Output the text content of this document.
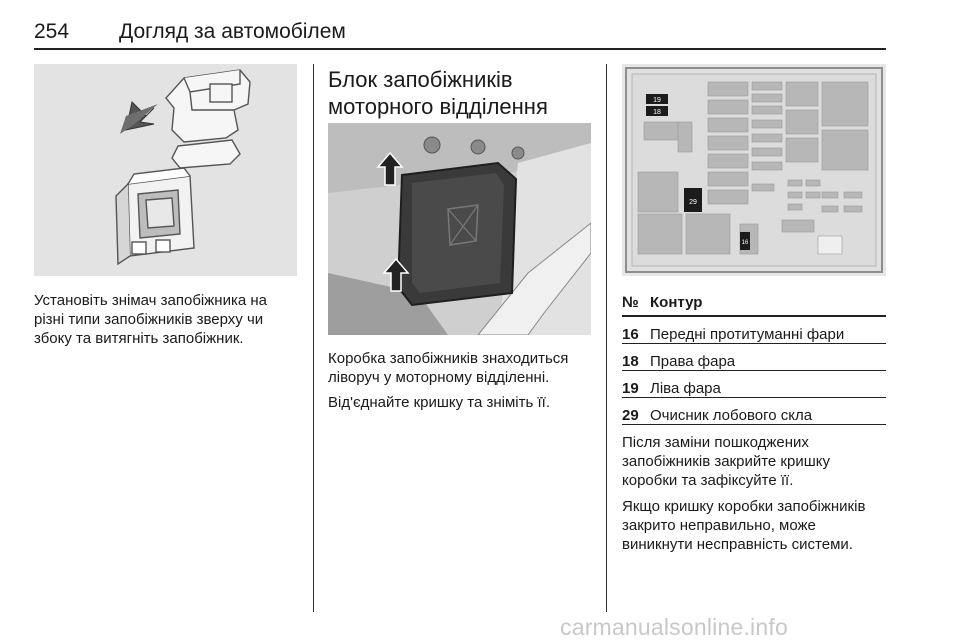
254 Догляд за автомобілем

Установіть знімач запобіжника на різні типи запобіжників зверху чи збоку та витягніть запобіжник.

Блок запобіжників моторного відділення

Коробка запобіжників знаходиться ліворуч у моторному відділенні.

Від'єднайте кришку та зніміть її.

19
18
29
16
№	Контур
16	Передні протитуманні фари
18	Права фара
19	Ліва фара
29	Очисник лобового скла

Після заміни пошкоджених запобіжників закрийте кришку коробки та зафіксуйте її.

Якщо кришку коробки запобіжників закрито неправильно, може виникнути несправність системи.

carmanualsonline.info
